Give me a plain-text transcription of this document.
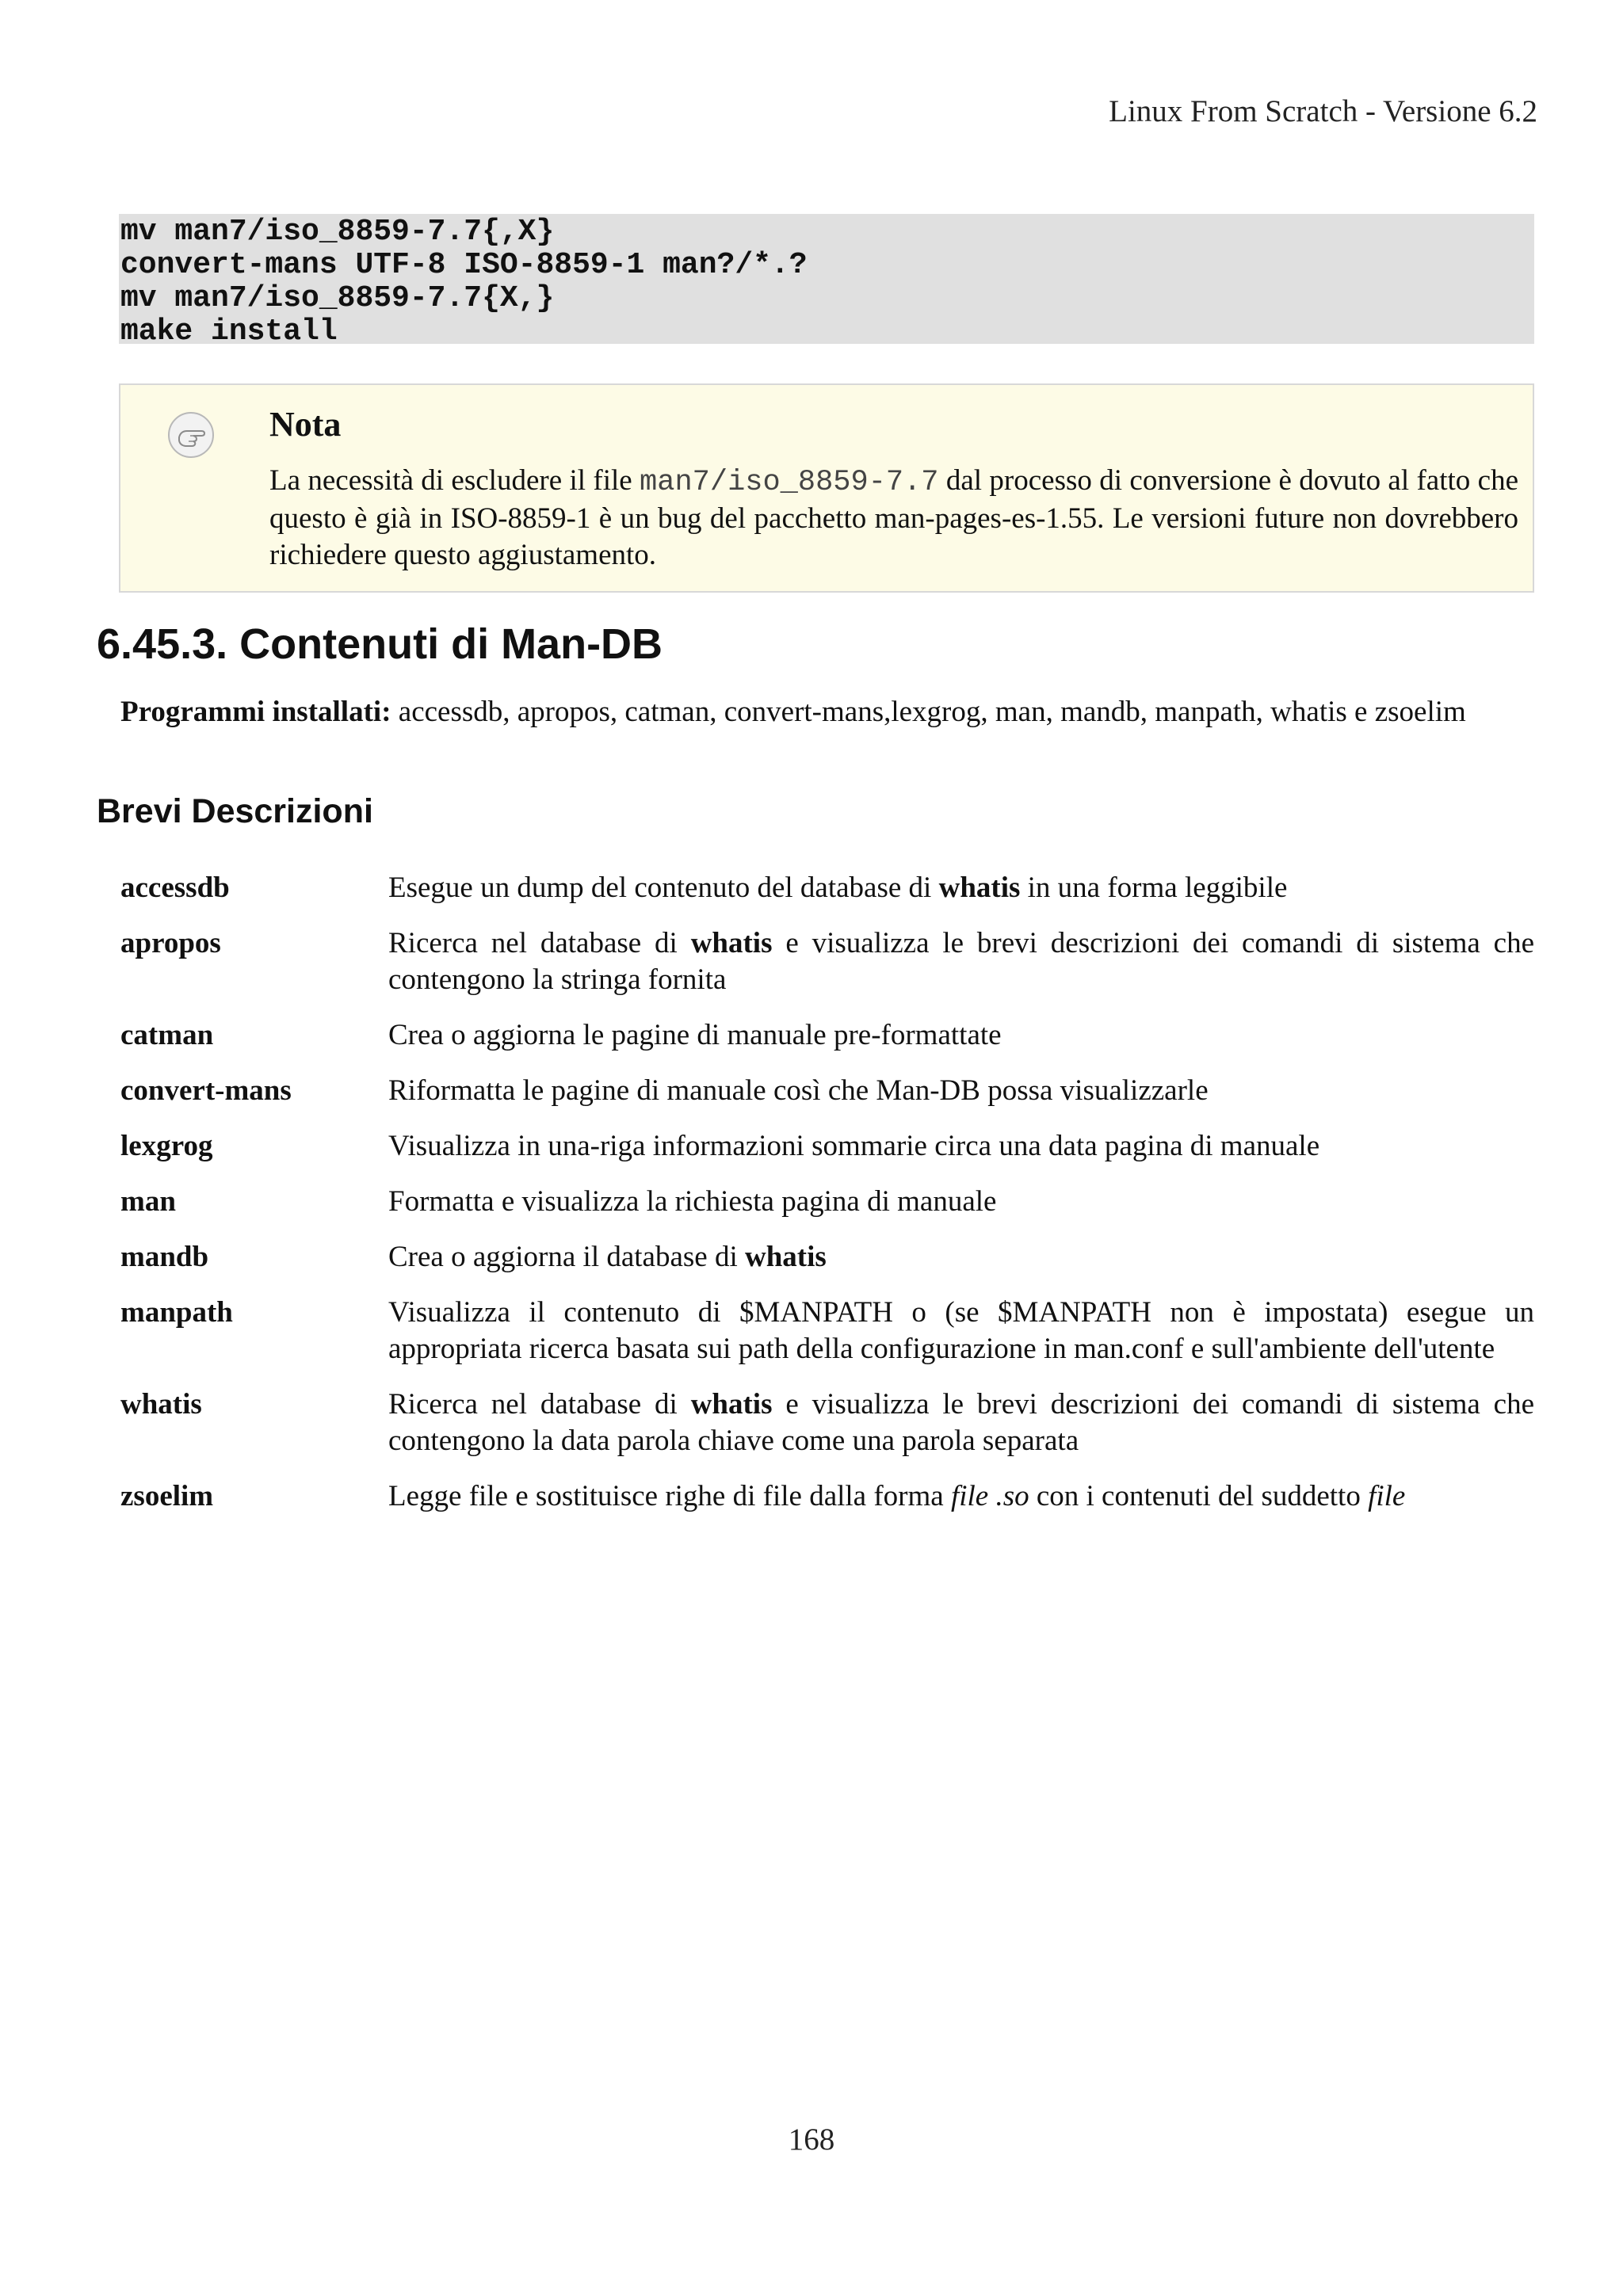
Linux From Scratch - Versione 6.2
mv man7/iso_8859-7.7{,X}
convert-mans UTF-8 ISO-8859-1 man?/*.?
mv man7/iso_8859-7.7{X,}
make install
Nota
La necessità di escludere il file man7/iso_8859-7.7 dal processo di conversione è dovuto al fatto che questo è già in ISO-8859-1 è un bug del pacchetto man-pages-es-1.55. Le versioni future non dovrebbero richiedere questo aggiustamento.
6.45.3. Contenuti di Man-DB
Programmi installati: accessdb, apropos, catman, convert-mans,lexgrog, man, mandb, manpath, whatis e zsoelim
Brevi Descrizioni
accessdb	Esegue un dump del contenuto del database di whatis in una forma leggibile
apropos	Ricerca nel database di whatis e visualizza le brevi descrizioni dei comandi di sistema che contengono la stringa fornita
catman	Crea o aggiorna le pagine di manuale pre-formattate
convert-mans	Riformatta le pagine di manuale così che Man-DB possa visualizzarle
lexgrog	Visualizza in una-riga informazioni sommarie circa una data pagina di manuale
man	Formatta e visualizza la richiesta pagina di manuale
mandb	Crea o aggiorna il database di whatis
manpath	Visualizza il contenuto di $MANPATH o (se $MANPATH non è impostata) esegue un appropriata ricerca basata sui path della configurazione in man.conf e sull'ambiente dell'utente
whatis	Ricerca nel database di whatis e visualizza le brevi descrizioni dei comandi di sistema che contengono la data parola chiave come una parola separata
zsoelim	Legge file e sostituisce righe di file dalla forma file .so con i contenuti del suddetto file
168
